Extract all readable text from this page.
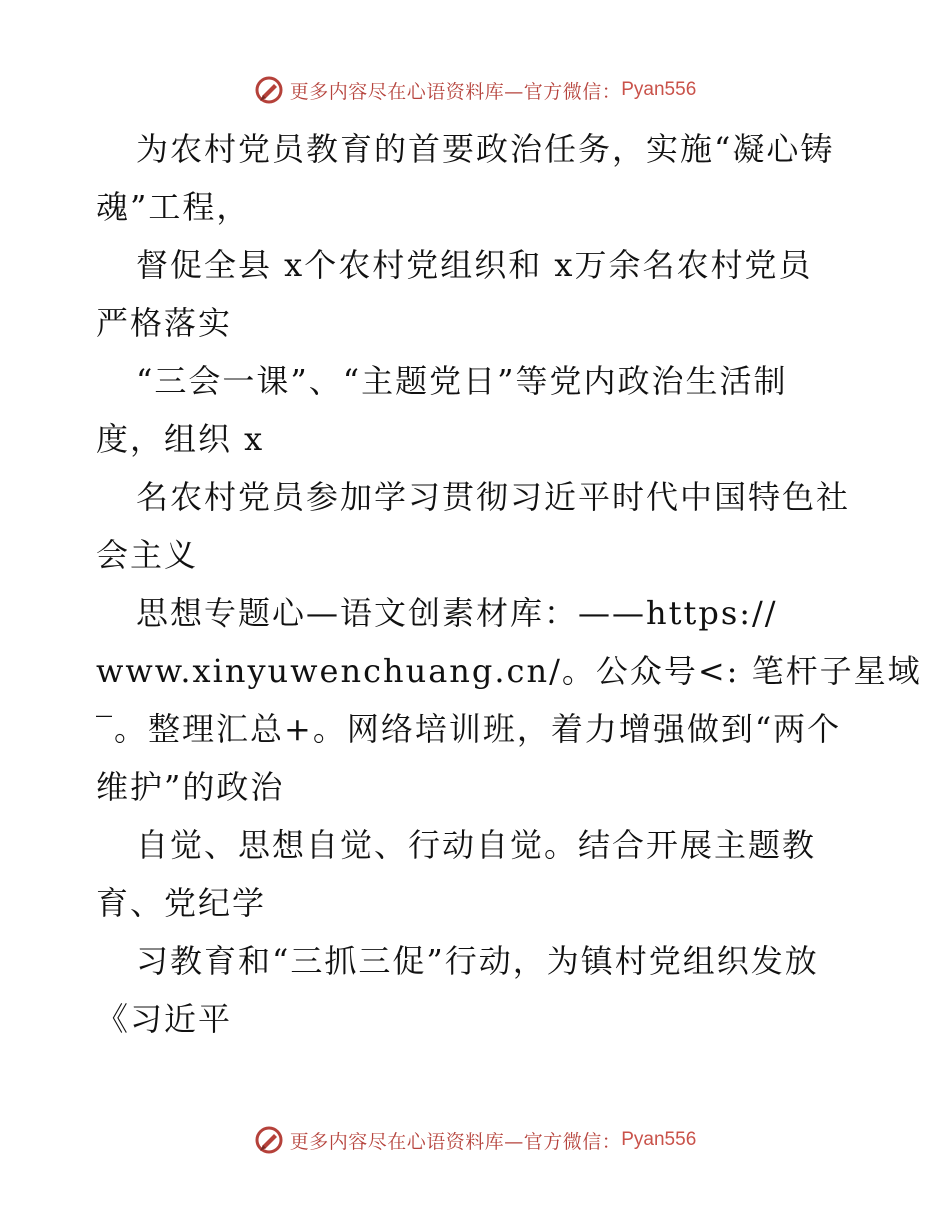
更多内容尽在心语资料库—官方微信： Pyan556
为农村党员教育的首要政治任务，实施“凝心铸
魂”工程，
督促全县 x个农村党组织和 x万余名农村党员
严格落实
“三会一课”、“主题党日”等党内政治生活制
度，组织 x
名农村党员参加学习贯彻习近平时代中国特色社
会主义
思想专题心—语文创素材库：——https://
www.xinyuwenchuang.cn/。公众号<: 笔杆子星域
‾。整理汇总+。网络培训班，着力增强做到“两个
维护”的政治
自觉、思想自觉、行动自觉。结合开展主题教
育、党纪学
习教育和“三抓三促”行动，为镇村党组织发放
《习近平
更多内容尽在心语资料库—官方微信： Pyan556
